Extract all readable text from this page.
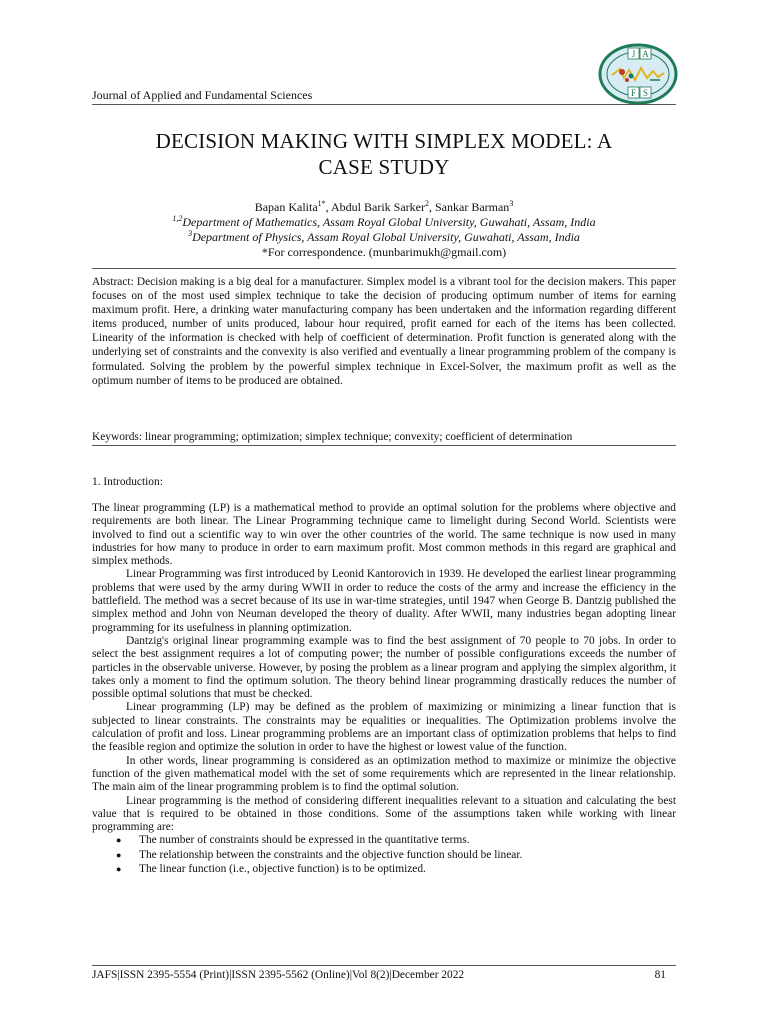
Journal of Applied and Fundamental Sciences
J A
F S
DECISION MAKING WITH SIMPLEX MODEL: A
CASE STUDY
Bapan Kalita$^{1*}$, Abdul Barik Sarker$^2$, Sankar Barman$^3$
$^{1,2}$Department of Mathematics, Assam Royal Global University, Guwahati, Assam, India
$^3$Department of Physics, Assam Royal Global University, Guwahati, Assam, India
*For correspondence. (munbarimukh@gmail.com)

Abstract: Decision making is a big deal for a manufacturer. Simplex model is a vibrant tool for the decision makers. This paper focuses on of the most used simplex technique to take the decision of producing optimum number of items for earning maximum profit. Here, a drinking water manufacturing company has been undertaken and the information regarding different items produced, number of units produced, labour hour required, profit earned for each of the items has been collected. Linearity of the information is checked with help of coefficient of determination. Profit function is generated along with the underlying set of constraints and the convexity is also verified and eventually a linear programming problem of the company is formulated. Solving the problem by the powerful simplex technique in Excel-Solver, the maximum profit as well as the optimum number of items to be produced are obtained.

Keywords: linear programming; optimization; simplex technique; convexity; coefficient of determination

1. Introduction:

The linear programming (LP) is a mathematical method to provide an optimal solution for the problems where objective and requirements are both linear. The Linear Programming technique came to limelight during Second World. Scientists were involved to find out a scientific way to win over the other countries of the world. The same technique is now used in many industries for how many to produce in order to earn maximum profit. Most common methods in this regard are graphical and simplex methods.

Linear Programming was first introduced by Leonid Kantorovich in 1939. He developed the earliest linear programming problems that were used by the army during WWII in order to reduce the costs of the army and increase the efficiency in the battlefield. The method was a secret because of its use in war-time strategies, until 1947 when George B. Dantzig published the simplex method and John von Neuman developed the theory of duality. After WWII, many industries began adopting linear programming for its usefulness in planning optimization.

Dantzig's original linear programming example was to find the best assignment of 70 people to 70 jobs. In order to select the best assignment requires a lot of computing power; the number of possible configurations exceeds the number of particles in the observable universe. However, by posing the problem as a linear program and applying the simplex algorithm, it takes only a moment to find the optimum solution. The theory behind linear programming drastically reduces the number of possible optimal solutions that must be checked.

Linear programming (LP) may be defined as the problem of maximizing or minimizing a linear function that is subjected to linear constraints. The constraints may be equalities or inequalities. The Optimization problems involve the calculation of profit and loss. Linear programming problems are an important class of optimization problems that helps to find the feasible region and optimize the solution in order to have the highest or lowest value of the function.

In other words, linear programming is considered as an optimization method to maximize or minimize the objective function of the given mathematical model with the set of some requirements which are represented in the linear relationship. The main aim of the linear programming problem is to find the optimal solution.

Linear programming is the method of considering different inequalities relevant to a situation and calculating the best value that is required to be obtained in those conditions. Some of the assumptions taken while working with linear programming are:

● The number of constraints should be expressed in the quantitative terms.
● The relationship between the constraints and the objective function should be linear.
● The linear function (i.e., objective function) is to be optimized.
JAFS|ISSN 2395-5554 (Print)|ISSN 2395-5562 (Online)|Vol 8(2)|December 2022	81
